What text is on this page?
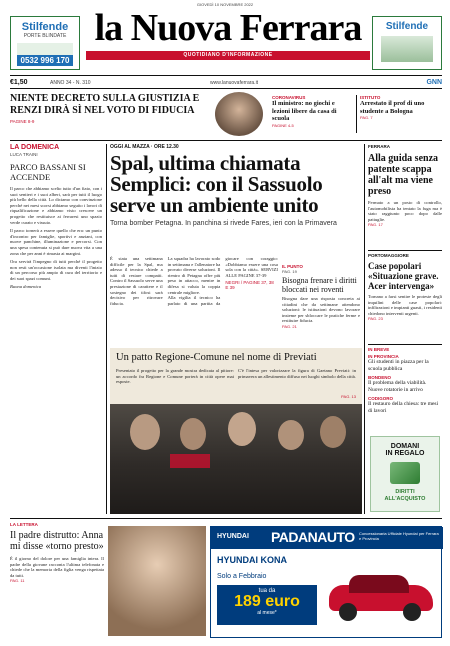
GIOVEDÌ 10 NOVEMBRE 2022
Stilfende
PORTE BLINDATE
0532 996 170
la Nuova Ferrara	Stilfende
QUOTIDIANO D'INFORMAZIONE
€1,50	ANNO 34 - N. 310	www.lanuovaferrara.it	GNN
NIENTE DECRETO SULLA GIUSTIZIA E RENZI DIRÀ SÌ NEL VOTO DI FIDUCIA
PAGINE 8-9
CORONAVIRUS
Il ministro: no giochi e lezioni libere da casa di scuola
PAGINE 4-5
ISTITUTO
Arrestato il prof di uno studente a Bologna
PAG. 7
LA DOMENICA
LUCA TRAINI
PARCO BASSANI SI ACCENDE

Il parco che abbiamo scelto tutto d'un fiato, con i suoi sentieri e i suoi alberi, sarà per tutti il luogo più bello della città. Lo diciamo con convinzione perché nei mesi scorsi abbiamo seguito i lavori di riqualificazione e abbiamo visto crescere un progetto che restituisce ai ferraresi uno spazio verde curato e vissuto.

Il parco tornerà a essere quello che era: un punto d'incontro per famiglie, sportivi e anziani, con nuove panchine, illuminazione e percorsi. Con una spesa contenuta si può dare nuova vita a una zona che per anni è rimasta ai margini.

Ora servirà l'impegno di tutti perché il progetto non resti un'occasione isolata ma diventi l'inizio di un percorso più ampio di cura del territorio e dei suoi spazi comuni.

Buona domenica
OGGI AL MAZZA · ORE 12.30
Spal, ultima chiamata Semplici: con il Sassuolo serve un ambiente unito
Torna bomber Petagna. In panchina si rivede Fares, ieri con la Primavera

È stata una settimana difficile per la Spal, ma adesso il tecnico chiede a tutti di restare compatti. Contro il Sassuolo serve una prestazione di carattere e il sostegno dei tifosi sarà decisivo per ritrovare fiducia.

La squadra ha lavorato sodo in settimana e l'allenatore ha provato diverse soluzioni. Il rientro di Petagna offre più peso in attacco, mentre in difesa si valuta la coppia centrale migliore.

Alla vigilia il tecnico ha parlato di una partita da giocare con coraggio: «Dobbiamo essere una cosa sola con la città». SERVIZI ALLE PAGINE 37-39

NEGRI / PAGINE 37, 38 E 39
IL PUNTO
PAG. 19
Bisogna frenare i diritti bloccati nei roventi

Bisogna dare una risposta concreta ai cittadini che da settimane attendono soluzioni: le istituzioni devono lavorare insieme per sbloccare le pratiche ferme e restituire fiducia.

PAG. 21
FERRARA
Alla guida senza patente scappa all'alt ma viene preso

Fermato a un posto di controllo, l'automobilista ha tentato la fuga ma è stato raggiunto poco dopo dalle pattuglie.

PAG. 17
PORTOMAGGIORE
Case popolari «Situazione grave. Acer intervenga»

Tornano a farsi sentire le proteste degli inquilini delle case popolari: infiltrazioni e impianti guasti, i residenti chiedono interventi urgenti.

PAG. 23
IN BREVE
IN PROVINCIA
Gli studenti in piazza per la scuola pubblica
BONDENO
Il problema della viabilità. Nuove rotatorie in arrivo
CODIGORO
Il restauro della chiesa: tre mesi di lavori
DOMANI
IN REGALO
DIRITTI ALL'ACQUISTO
Un patto Regione-Comune nel nome di Previati
Presentato il progetto per la grande mostra dedicata al pittore: un accordo fra Regione e Comune porterà in città opere mai esposte.
C'è l'intesa per valorizzare la figura di Gaetano Previati: in primavera un allestimento diffuso nei luoghi simbolo della città.
PAG. 13
LA LETTERA
Il padre distrutto: Anna mi disse «torno presto»

È il giorno del dolore per una famiglia intera. Il padre della giovane racconta l'ultima telefonata e chiede che la memoria della figlia venga rispettata da tutti.

PAG. 11
HYUNDAI PADANAUTO Concessionaria Ufficiale Hyundai per Ferrara e Provincia
HYUNDAI KONA
Solo a Febbraio
tua da
189 euro
al mese*
